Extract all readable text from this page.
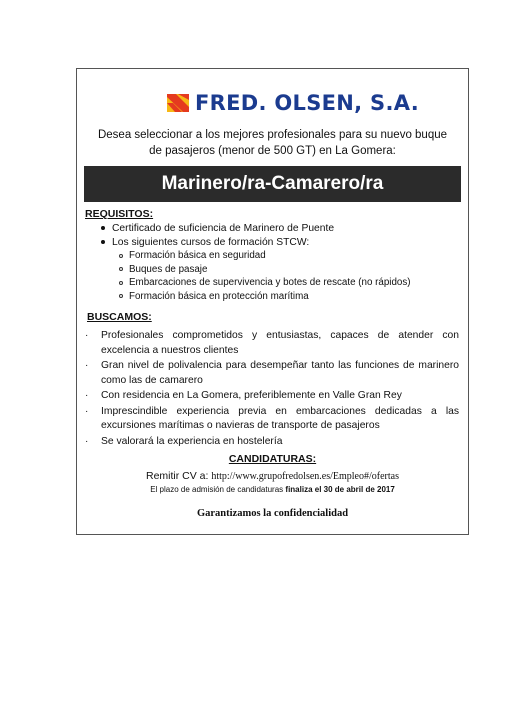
FRED. OLSEN, S.A.
Desea seleccionar a los mejores profesionales para su nuevo buque
de pasajeros (menor de 500 GT) en La Gomera:
Marinero/ra-Camarero/ra
REQUISITOS:
Certificado de suficiencia de Marinero de Puente
Los siguientes cursos de formación STCW:
Formación básica en seguridad
Buques de pasaje
Embarcaciones de supervivencia y botes de rescate (no rápidos)
Formación básica en protección marítima
BUSCAMOS:
·	Profesionales comprometidos y entusiastas, capaces de atender con excelencia a nuestros clientes
·	Gran nivel de polivalencia para desempeñar tanto las funciones de marinero como las de camarero
·	Con residencia en La Gomera, preferiblemente en Valle Gran Rey
·	Imprescindible experiencia previa en embarcaciones dedicadas a las excursiones marítimas o navieras de transporte de pasajeros
·	Se valorará la experiencia en hostelería
CANDIDATURAS:
Remitir CV a: http://www.grupofredolsen.es/Empleo#/ofertas
El plazo de admisión de candidaturas finaliza el 30 de abril de 2017
Garantizamos la confidencialidad
